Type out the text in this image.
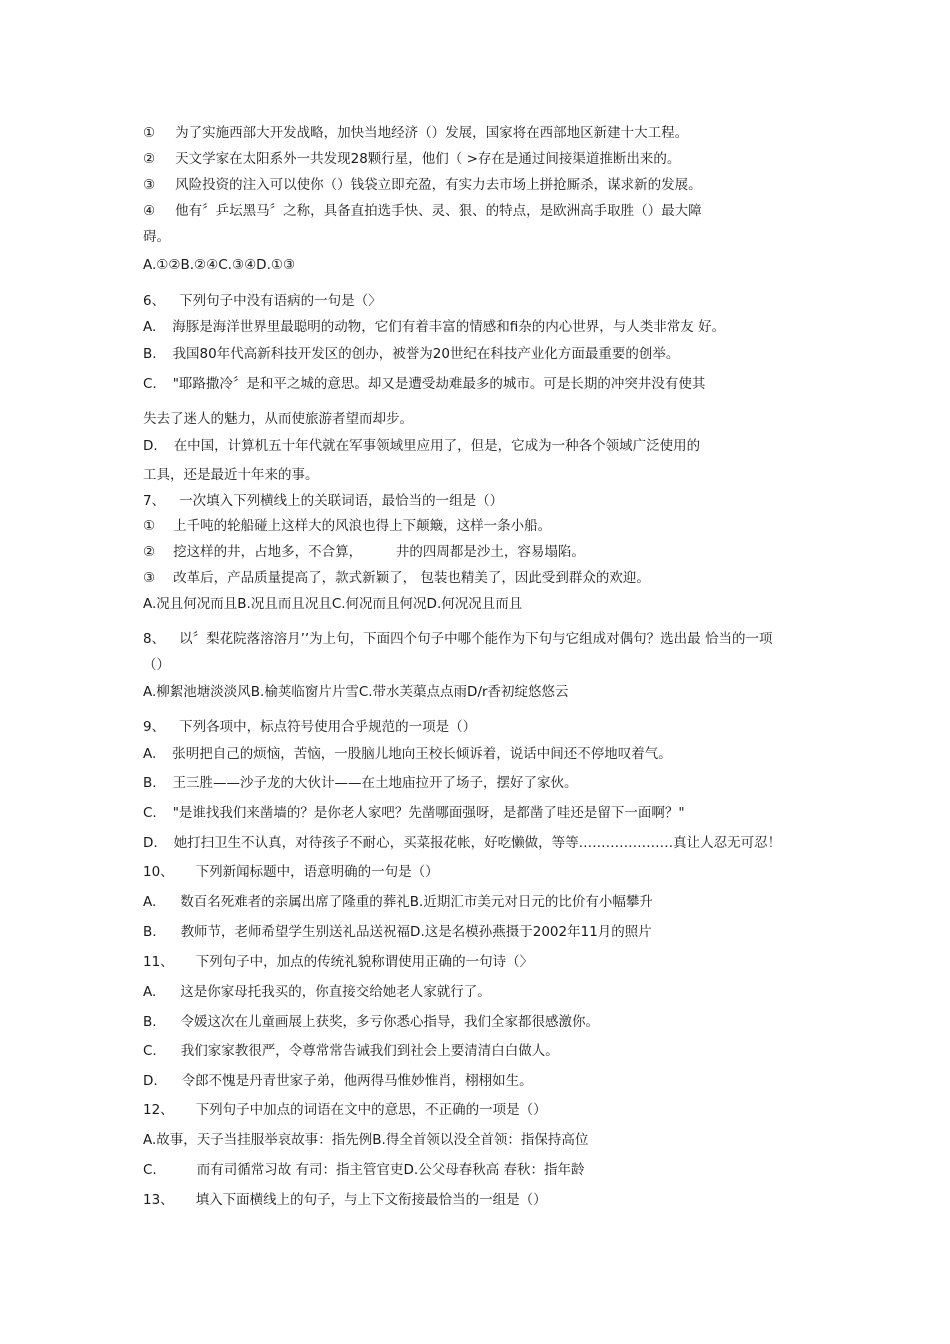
① 为了实施西部大开发战略，加快当地经济（）发展，国家将在西部地区新建十大工程。
② 天文学家在太阳系外一共发现28颗行星，他们（ >存在是通过间接渠道推断出来的。
③ 风险投资的注入可以使你（）钱袋立即充盈，有实力去市场上拼抢厮杀，谋求新的发展。
④ 他有〞乒坛黑马〞之称，具备直拍选手快、灵、狠、的特点，是欧洲高手取胜（）最大障
碍。
A.①②B.②④C.③④D.①③
6、 下列句子中没有语病的一句是（〉
A. 海豚是海洋世界里最聪明的动物，它们有着丰富的情感和ﬁ杂的内心世界，与人类非常友 好。
B. 我国80年代高新科技开发区的创办，被誉为20世纪在科技产业化方面最重要的创举。
C. "耶路撒冷〞是和平之城的意思。却又是遭受劫难最多的城市。可是长期的冲突井没有使其
失去了迷人的魅力，从而使旅游者望而却步。
D. 在中国，计算机五十年代就在军事领域里应用了，但是，它成为一种各个领域广泛使用的
工具，还是最近十年来的事。
7、 一次填入下列横线上的关联词语，最恰当的一组是（）
① 上千吨的轮船碰上这样大的风浪也得上下颠簸，这样一条小船。
② 挖这样的井，占地多，不合算，　　　井的四周都是沙土，容易塌陷。
③ 改革后，产品质量提高了，款式新颖了， 包装也精美了，因此受到群众的欢迎。
A.况且何况而且B.况且而且况且C.何况而且何况D.何况况且而且
8、 以〞梨花院落溶溶月’’为上句，下面四个句子中哪个能作为下句与它组成对偶句？选出最 恰当的一项
（）
A.柳絮池塘淡淡风B.榆荚临窗片片雪C.带水芙蕖点点雨D/r香初绽悠悠云
9、 下列各项中，标点符号使用合乎规范的一项是（）
A. 张明把自己的烦恼，苦恼，一股脑儿地向王校长倾诉着，说话中间还不停地叹着气。
B. 王三胜——沙子龙的大伙计——在土地庙拉开了场子，摆好了家伙。
C. "是谁找我们来凿墙的？是你老人家吧？先凿哪面强呀，是都凿了哇还是留下一面啊？"
D. 她打扫卫生不认真，对待孩子不耐心，买菜报花帐，好吃懒做，等等…………………真让人忍无可忍！
10、 下列新闻标题中，语意明确的一句是（）
A. 数百名死难者的亲属出席了隆重的葬礼B.近期汇市美元对日元的比价有小幅攀升
B. 教师节，老师希望学生别送礼品送祝福D.这是名模孙燕摄于2002年11月的照片
11、 下列句子中，加点的传统礼貌称谓使用正确的一句诗（〉
A. 这是你家母托我买的，你直接交给她老人家就行了。
B. 令媛这次在儿童画展上获奖，多亏你悉心指导，我们全家都很感激你。
C. 我们家家教很严，令尊常常告诫我们到社会上要清清白白做人。
D. 令郎不愧是丹青世家子弟，他两得马惟妙惟肖，栩栩如生。
12、 下列句子中加点的词语在文中的意思，不正确的一项是（）
A.故事，天子当挂服举哀故事：指先例B.得全首领以没全首领：指保持高位
C.	而有司循常习故 有司：指主管官吏D.公父母春秋高 春秋：指年龄
13、 填入下面横线上的句子，与上下文衔接最恰当的一组是（）
